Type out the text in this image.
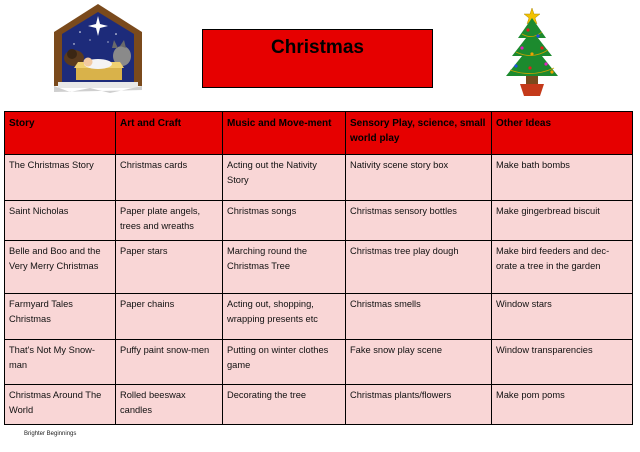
Christmas
Story	Art and Craft	Music and Move-ment	Sensory Play, science, small world play	Other Ideas
The Christmas Story	Christmas cards	Acting out the Nativity Story	Nativity scene story box	Make bath bombs
Saint Nicholas	Paper plate angels, trees and wreaths	Christmas songs	Christmas sensory bottles	Make gingerbread biscuit
Belle and Boo and the Very Merry Christmas	Paper stars	Marching round the Christmas Tree	Christmas tree play dough	Make bird feeders and dec-orate a tree in the garden
Farmyard Tales Christmas	Paper chains	Acting out, shopping, wrapping presents etc	Christmas smells	Window stars
That's Not My Snow-man	Puffy paint snow-men	Putting on winter clothes game	Fake snow play scene	Window transparencies
Christmas Around The World	Rolled beeswax candles	Decorating the tree	Christmas plants/flowers	Make pom poms
Brighter Beginnings
